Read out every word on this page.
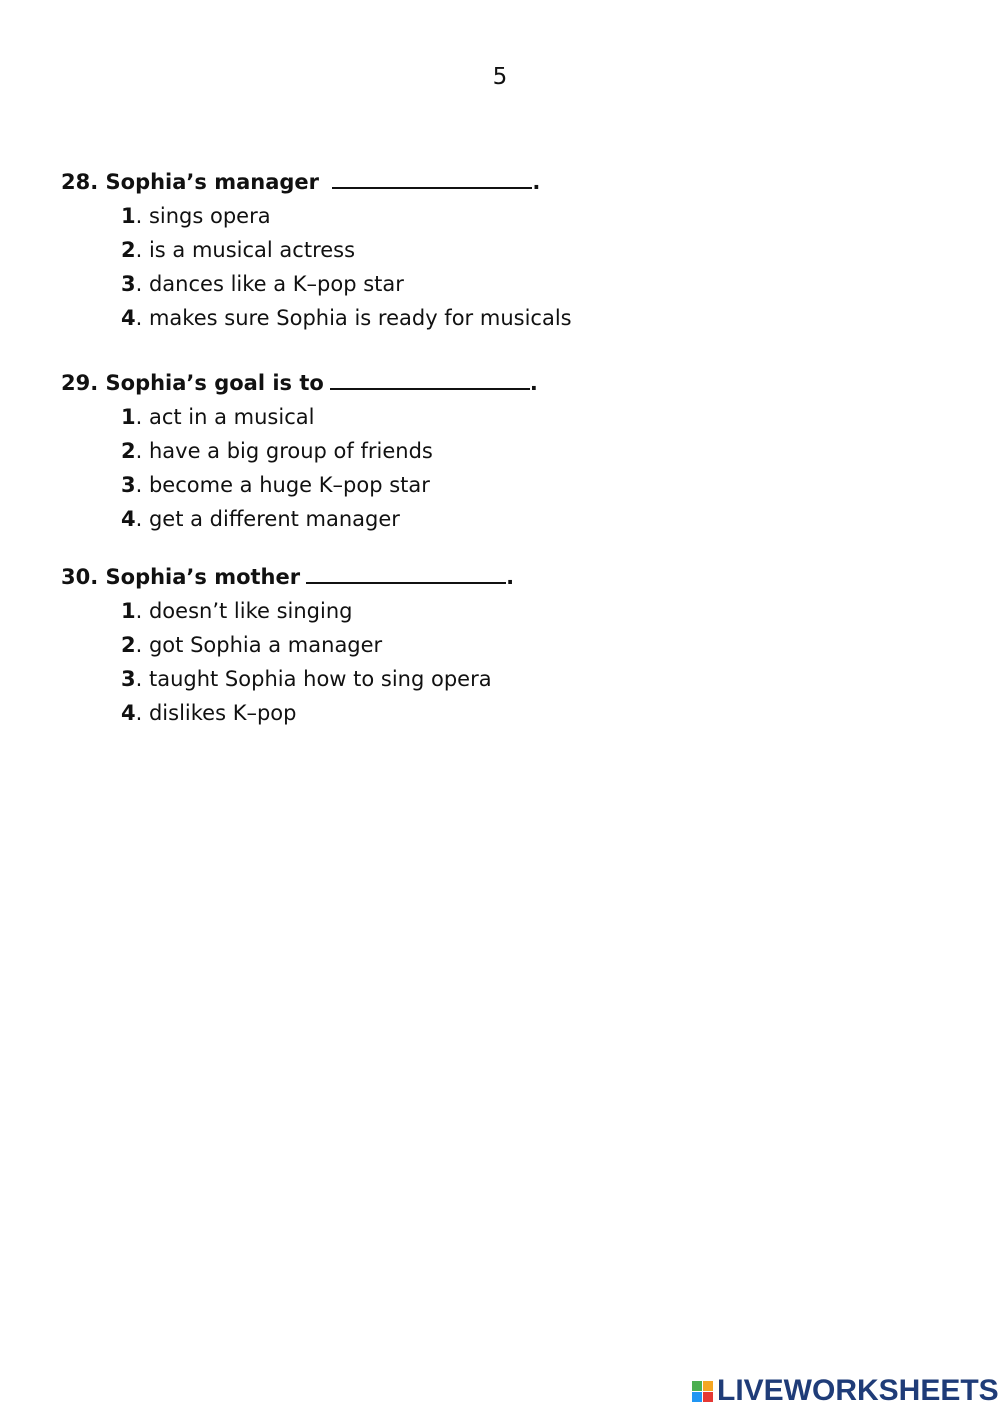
5
28. Sophia’s manager	.
1. sings opera
2. is a musical actress
3. dances like a K–pop star
4. makes sure Sophia is ready for musicals
29. Sophia’s goal is to	.
1. act in a musical
2. have a big group of friends
3. become a huge K–pop star
4. get a different manager
30. Sophia’s mother	.
1. doesn’t like singing
2. got Sophia a manager
3. taught Sophia how to sing opera
4. dislikes K–pop
LIVEWORKSHEETS
